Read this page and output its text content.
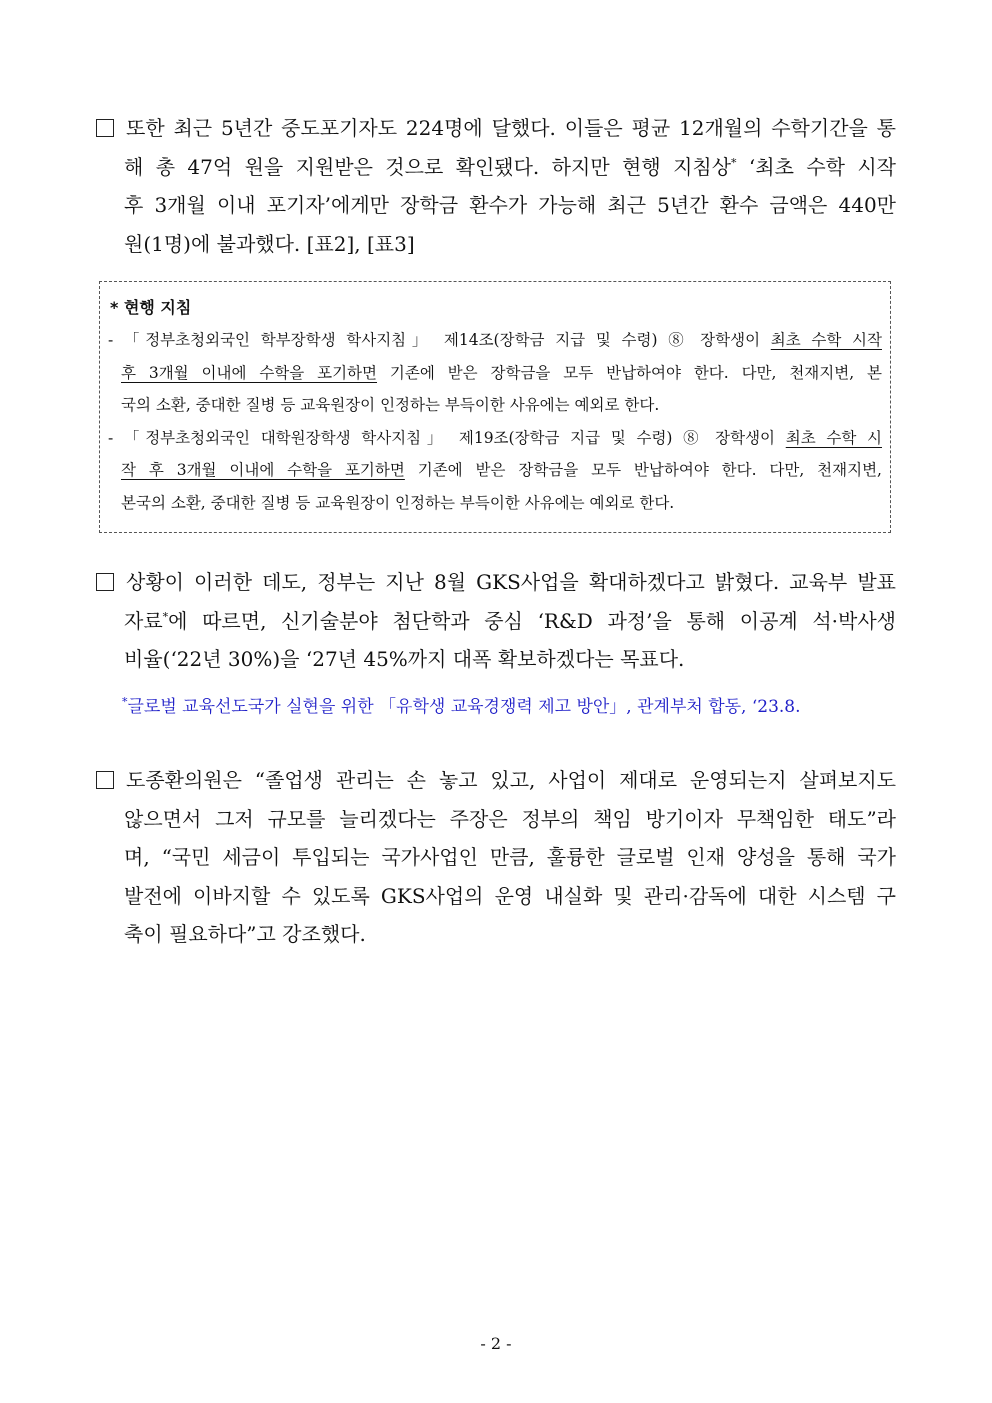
또한 최근 5년간 중도포기자도 224명에 달했다. 이들은 평균 12개월의 수학기간을 통
해 총 47억 원을 지원받은 것으로 확인됐다. 하지만 현행 지침상* ‘최초 수학 시작
후 3개월 이내 포기자’에게만 장학금 환수가 가능해 최근 5년간 환수 금액은 440만
원(1명)에 불과했다. [표2], [표3]
* 현행 지침
- 「정부초청외국인 학부장학생 학사지침」 제14조(장학금 지급 및 수령) ⑧ 장학생이 최초 수학 시작
후 3개월 이내에 수학을 포기하면 기존에 받은 장학금을 모두 반납하여야 한다. 다만, 천재지변, 본
국의 소환, 중대한 질병 등 교육원장이 인정하는 부득이한 사유에는 예외로 한다.
- 「정부초청외국인 대학원장학생 학사지침」 제19조(장학금 지급 및 수령) ⑧ 장학생이 최초 수학 시
작 후 3개월 이내에 수학을 포기하면 기존에 받은 장학금을 모두 반납하여야 한다. 다만, 천재지변,
본국의 소환, 중대한 질병 등 교육원장이 인정하는 부득이한 사유에는 예외로 한다.
상황이 이러한 데도, 정부는 지난 8월 GKS사업을 확대하겠다고 밝혔다. 교육부 발표
자료*에 따르면, 신기술분야 첨단학과 중심 ‘R&D 과정’을 통해 이공계 석·박사생
비율(‘22년 30%)을 ‘27년 45%까지 대폭 확보하겠다는 목표다.
*글로벌 교육선도국가 실현을 위한 「유학생 교육경쟁력 제고 방안」, 관계부처 합동, ‘23.8.
도종환의원은 “졸업생 관리는 손 놓고 있고, 사업이 제대로 운영되는지 살펴보지도
않으면서 그저 규모를 늘리겠다는 주장은 정부의 책임 방기이자 무책임한 태도”라
며, “국민 세금이 투입되는 국가사업인 만큼, 훌륭한 글로벌 인재 양성을 통해 국가
발전에 이바지할 수 있도록 GKS사업의 운영 내실화 및 관리·감독에 대한 시스템 구
축이 필요하다”고 강조했다.
- 2 -
